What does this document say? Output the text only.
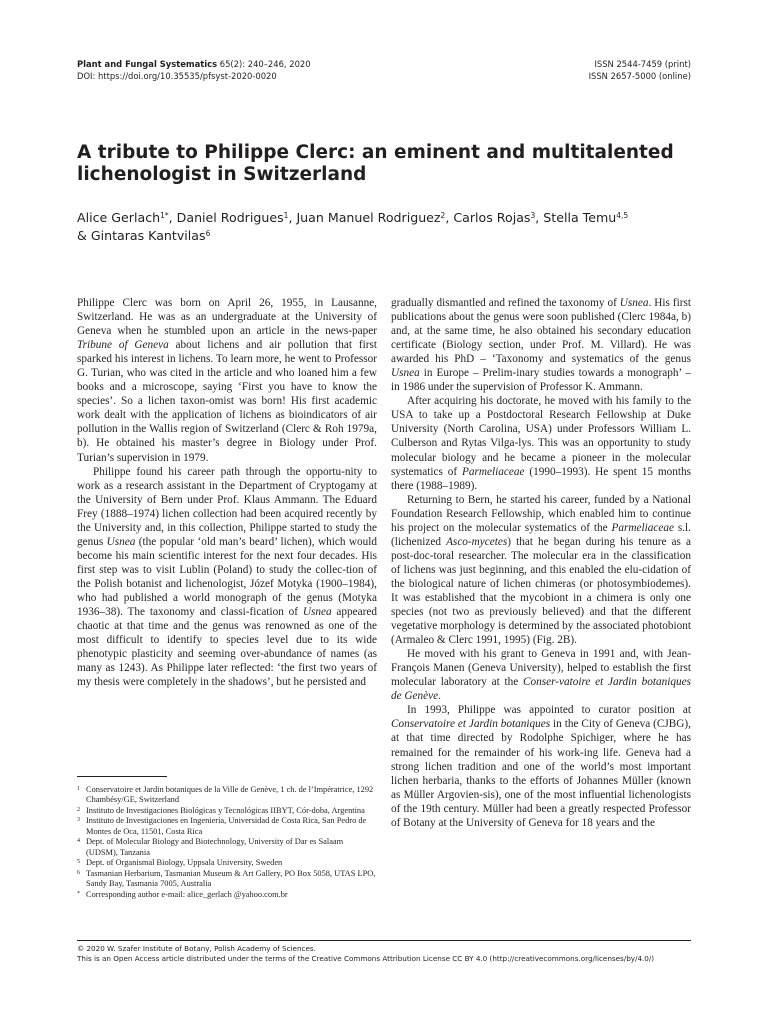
Plant and Fungal Systematics 65(2): 240–246, 2020
DOI: https://doi.org/10.35535/pfsyst-2020-0020
ISSN 2544-7459 (print)
ISSN 2657-5000 (online)
A tribute to Philippe Clerc: an eminent and multitalented lichenologist in Switzerland
Alice Gerlach$^{1*}$, Daniel Rodrigues$^1$, Juan Manuel Rodriguez$^2$, Carlos Rojas$^3$, Stella Temu$^{4,5}$
& Gintaras Kantvilas$^6$

Philippe Clerc was born on April 26, 1955, in Lausanne, Switzerland. He was as an undergraduate at the University of Geneva when he stumbled upon an article in the news-paper Tribune of Geneva about lichens and air pollution that first sparked his interest in lichens. To learn more, he went to Professor G. Turian, who was cited in the article and who loaned him a few books and a microscope, saying ‘First you have to know the species’. So a lichen taxon-omist was born! His first academic work dealt with the application of lichens as bioindicators of air pollution in the Wallis region of Switzerland (Clerc & Roh 1979a, b). He obtained his master’s degree in Biology under Prof. Turian’s supervision in 1979.

Philippe found his career path through the opportu-nity to work as a research assistant in the Department of Cryptogamy at the University of Bern under Prof. Klaus Ammann. The Eduard Frey (1888–1974) lichen collection had been acquired recently by the University and, in this collection, Philippe started to study the genus Usnea (the popular ‘old man’s beard’ lichen), which would become his main scientific interest for the next four decades. His first step was to visit Lublin (Poland) to study the collec-tion of the Polish botanist and lichenologist, Józef Motyka (1900–1984), who had published a world monograph of the genus (Motyka 1936–38). The taxonomy and classi-fication of Usnea appeared chaotic at that time and the genus was renowned as one of the most difficult to identify to species level due to its wide phenotypic plasticity and seeming over-abundance of names (as many as 1243). As Philippe later reflected: ‘the first two years of my thesis were completely in the shadows’, but he persisted and

gradually dismantled and refined the taxonomy of Usnea. His first publications about the genus were soon published (Clerc 1984a, b) and, at the same time, he also obtained his secondary education certificate (Biology section, under Prof. M. Villard). He was awarded his PhD – ‘Taxonomy and systematics of the genus Usnea in Europe – Prelim-inary studies towards a monograph’ – in 1986 under the supervision of Professor K. Ammann.

After acquiring his doctorate, he moved with his family to the USA to take up a Postdoctoral Research Fellowship at Duke University (North Carolina, USA) under Professors William L. Culberson and Rytas Vilga-lys. This was an opportunity to study molecular biology and he became a pioneer in the molecular systematics of Parmeliaceae (1990–1993). He spent 15 months there (1988–1989).

Returning to Bern, he started his career, funded by a National Foundation Research Fellowship, which enabled him to continue his project on the molecular systematics of the Parmeliaceae s.l. (lichenized Asco-mycetes) that he began during his tenure as a post-doc-toral researcher. The molecular era in the classification of lichens was just beginning, and this enabled the elu-cidation of the biological nature of lichen chimeras (or photosymbiodemes). It was established that the mycobiont in a chimera is only one species (not two as previously believed) and that the different vegetative morphology is determined by the associated photobiont (Armaleo & Clerc 1991, 1995) (Fig. 2B).

He moved with his grant to Geneva in 1991 and, with Jean-François Manen (Geneva University), helped to establish the first molecular laboratory at the Conser-vatoire et Jardin botaniques de Genève.

In 1993, Philippe was appointed to curator position at Conservatoire et Jardin botaniques in the City of Geneva (CJBG), at that time directed by Rodolphe Spichiger, where he has remained for the remainder of his work-ing life. Geneva had a strong lichen tradition and one of the world’s most important lichen herbaria, thanks to the efforts of Johannes Müller (known as Müller Argovien-sis), one of the most influential lichenologists of the 19th century. Müller had been a greatly respected Professor of Botany at the University of Geneva for 18 years and the

1 Conservatoire et Jardin botaniques de la Ville de Genève, 1 ch. de l’Impératrice, 1292 Chambésy/GE, Switzerland
2 Instituto de Investigaciones Biológicas y Tecnológicas IIBYT, Cór-doba, Argentina
3 Instituto de Investigaciones en Ingeniería, Universidad de Costa Rica, San Pedro de Montes de Oca, 11501, Costa Rica
4 Dept. of Molecular Biology and Biotechnology, University of Dar es Salaam (UDSM), Tanzania
5 Dept. of Organismal Biology, Uppsala University, Sweden
6 Tasmanian Herbarium, Tasmanian Museum & Art Gallery, PO Box 5058, UTAS LPO, Sandy Bay, Tasmania 7005, Australia
* Corresponding author e-mail: alice_gerlach @yahoo.com.br
© 2020 W. Szafer Institute of Botany, Polish Academy of Sciences.
This is an Open Access article distributed under the terms of the Creative Commons Attribution License CC BY 4.0 (http://creativecommons.org/licenses/by/4.0/)
